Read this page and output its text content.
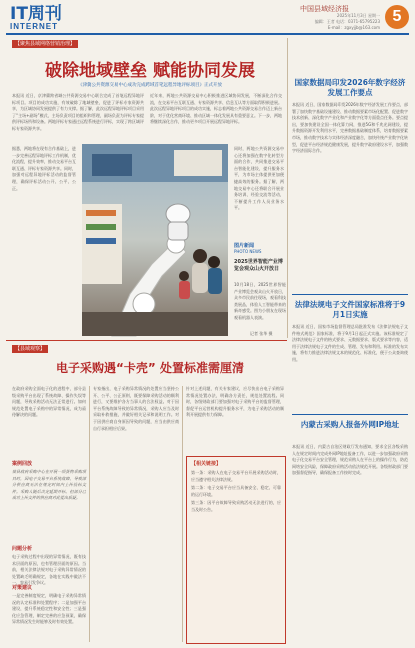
IT周刊
INTERNET
中国县域经济报
2025年11月3日 星期一
编辑：王者 电话：0371-65795223
E-mail：zgxyjjb@163.com
5
【聚焦县域网络营销治理】
破除地域壁垒 赋能协同发展
《津冀公共资源交易中心成功完成跨域首笔远程异地评标项目》正式开放
本报讯 近日，京津冀跨省域公共资源交易中心联合完成了首笔远程异地评标项目。项目的成功实施，有效破除了地域壁垒，促进了评标专家资源共享，为区域协同发展提供了有力支撑。据了解，此次远程异地评标项目采用了“主场+副场”模式，主场负责项目的组织和管理，副场负责为评标专家提供评标场所和设备。两地评标专家通过远程系统进行评标，实现了跨区域评标专家资源共享。
近年来，两地公共资源交易中心积极推进区域协同发展，不断深化合作交流，在交易平台互联互通、专家资源共享、信息互认等方面取得积极进展。此次远程异地评标项目的成功实施，标志着两地公共资源交易合作迈上新台阶，对于优化营商环境、推动区域一体化发展具有重要意义。下一步，两地将继续深化合作，推动更多项目开展远程异地评标。
据悉，两地将在现有合作基础上，进一步完善远程异地评标工作机制，优化流程，提升效率，推动交易平台互联互通、评标专家资源共享。同时，加强对远程异地评标活动的监督管理，确保评标活动公开、公平、公正。
同时，两地公共资源交易中心还将加强在数字化转型方面的合作，共同推进交易平台智能化建设，提升服务水平，为市场主体提供更加便捷高效的服务。据了解，两地交易中心还将联合开展业务培训、经验交流等活动，不断提升工作人员业务水平。
图片新闻
PHOTO NEWS
2025世界智能产业博览会观众山火开放日
10月18日，2025世界智能产业博览会观众山火开放日，众多市民前往现场，观看科技类展品，体验人工智能带来的新奇感受。图为小朋友在现场观看机器人表演。
记者 张华 摄
国家数据局印发2026年数字经济发展工作要点
本报讯 近日，国家数据局印发2026年数字经济发展工作要点，部署了加快数字基础设施建设、推动数据要素市场化配置、促进数字技术创新、深化数字产业化和产业数字化等方面重点任务。要点提出，要加快建设全国一体化算力网，推进5G和千兆光网建设，提升数据资源开发利用水平，完善数据基础制度体系，培育数据要素市场，推动数字技术与实体经济深度融合，加快传统产业数字化转型，促进平台经济规范健康发展，提升数字政府建设水平，加强数字经济国际合作。
法律法规电子文件国家标准将于9月1日实施
本报讯 近日，国家市场监督管理总局批准发布《法律法规电子文件格式规范》国家标准，将于9月1日起正式实施。该标准规定了法律法规电子文件的格式要求、元数据要求、版式要求等内容，适用于法律法规电子文件的生成、管理、发布和利用。标准的发布实施，将有力推进法律法规文本的规范化、标准化，便于公众查询使用。
内蒙古采购人报备外网IP地址
本报讯 近日，内蒙古自治区财政厅发布通知，要求全区各级采购人在规定时间内完成外网IP地址报备工作，以进一步加强政府采购电子化交易平台安全管理，规范采购人在平台上的操作行为，防范网络安全风险，保障政府采购活动依法规范开展。各级财政部门要加强督促指导，确保报备工作按时完成。
【县域观察】
电子采购遇“卡壳” 处置标准需厘清
在政府采购全面电子化的进程中，部分县级采购平台出现了系统故障、操作失误等问题，导致采购活动无法正常进行。如何规范处置电子采购中的异常情况，成为亟待解决的问题。
案例回放
某县政府采购中心在开展一项货物采购项目时，因电子交易平台系统故障，导致部分供应商无法在规定时间内上传投标文件。采购人随后决定延期开标，但部分已成功上传文件的供应商对此提出质疑。
问题分析
电子采购过程中出现的异常情况，既有技术层面的原因，也有管理层面的原因。当前，相关法律法规对电子采购异常情况的处置缺乏明确规定，各地在实践中做法不一，容易引发争议。
对策建议
一是完善制度规定，明确电子采购异常情况的认定标准和处置程序；二是加强平台建设，提升系统稳定性和安全性；三是强化应急管理，制定完善的应急预案，确保异常情况发生时能够及时有效处置。
专家指出，电子采购异常情况的处置应当坚持公开、公平、公正原则，既要保障采购活动的顺利进行，又要维护各方当事人的合法权益。对于因平台系统故障导致的异常情况，采购人应当及时采取补救措施，并做好相关记录和说明工作。对于因供应商自身原因导致的问题，应当由供应商自行承担相应后果。
针对上述问题，有关专家建议，应尽快出台电子采购异常情况处置办法，明确各方责任，规范处置流程。同时，各级财政部门要加强对电子采购平台的监督管理，督促平台运营机构提升服务水平，为电子采购活动的顺利开展提供有力保障。
【相关链接】
第一条：采购人在电子交易平台开展采购活动时，应当遵守相关法律法规。
第二条：电子交易平台应当具备安全、稳定、可靠的运行环境。
第三条：因平台故障导致采购活动无法进行的，应当及时公告。
